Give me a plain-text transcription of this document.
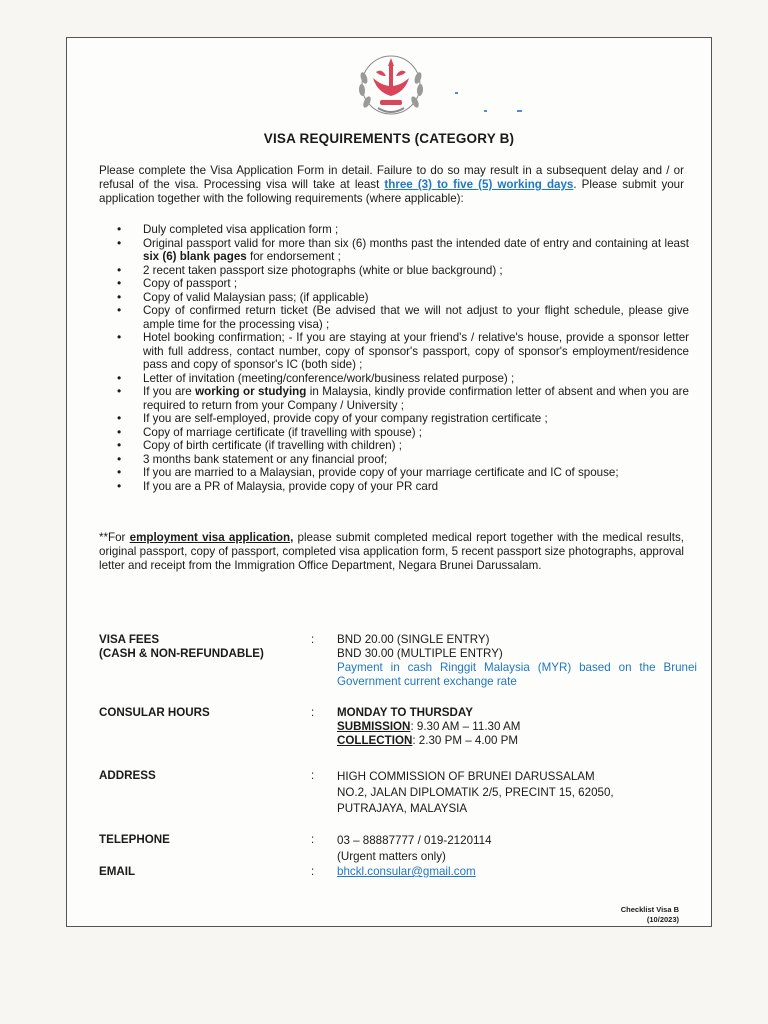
VISA REQUIREMENTS (CATEGORY B)
Please complete the Visa Application Form in detail. Failure to do so may result in a subsequent delay and / or refusal of the visa. Processing visa will take at least three (3) to five (5) working days. Please submit your application together with the following requirements (where applicable):
• Duly completed visa application form ;
• Original passport valid for more than six (6) months past the intended date of entry and containing at least six (6) blank pages for endorsement ;
• 2 recent taken passport size photographs (white or blue background) ;
• Copy of passport ;
• Copy of valid Malaysian pass; (if applicable)
• Copy of confirmed return ticket (Be advised that we will not adjust to your flight schedule, please give ample time for the processing visa) ;
• Hotel booking confirmation; - If you are staying at your friend's / relative's house, provide a sponsor letter with full address, contact number, copy of sponsor's passport, copy of sponsor's employment/residence pass and copy of sponsor's IC (both side) ;
• Letter of invitation (meeting/conference/work/business related purpose) ;
• If you are working or studying in Malaysia, kindly provide confirmation letter of absent and when you are required to return from your Company / University ;
• If you are self-employed, provide copy of your company registration certificate ;
• Copy of marriage certificate (if travelling with spouse) ;
• Copy of birth certificate (if travelling with children) ;
• 3 months bank statement or any financial proof;
• If you are married to a Malaysian, provide copy of your marriage certificate and IC of spouse;
• If you are a PR of Malaysia, provide copy of your PR card
**For employment visa application, please submit completed medical report together with the medical results, original passport, copy of passport, completed visa application form, 5 recent passport size photographs, approval letter and receipt from the Immigration Office Department, Negara Brunei Darussalam.
VISA FEES
(CASH & NON-REFUNDABLE)
: BND 20.00 (SINGLE ENTRY)
BND 30.00 (MULTIPLE ENTRY)
Payment in cash Ringgit Malaysia (MYR) based on the Brunei Government current exchange rate
CONSULAR HOURS	: MONDAY TO THURSDAY
SUBMISSION: 9.30 AM – 11.30 AM
COLLECTION: 2.30 PM – 4.00 PM
ADDRESS	: HIGH COMMISSION OF BRUNEI DARUSSALAM
NO.2, JALAN DIPLOMATIK 2/5, PRECINT 15, 62050,
PUTRAJAYA, MALAYSIA
TELEPHONE	: 03 – 88887777 / 019-2120114
(Urgent matters only)
EMAIL	: bhckl.consular@gmail.com
Checklist Visa B
(10/2023)
